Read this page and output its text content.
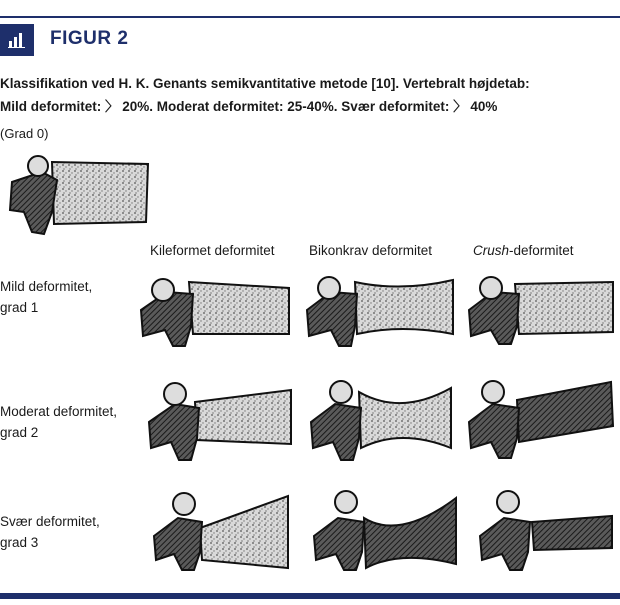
FIGUR 2
Klassifikation ved H. K. Genants semikvantitative metode [10]. Vertebralt højdetab:
Mild deformitet: 〉 20%. Moderat deformitet: 25-40%. Svær deformitet: 〉 40%
(Grad 0)
Kileformet deformitet	Bikonkrav deformitet	Crush-deformitet
Mild deformitet,
grad 1
Moderat deformitet,
grad 2
Svær deformitet,
grad 3
